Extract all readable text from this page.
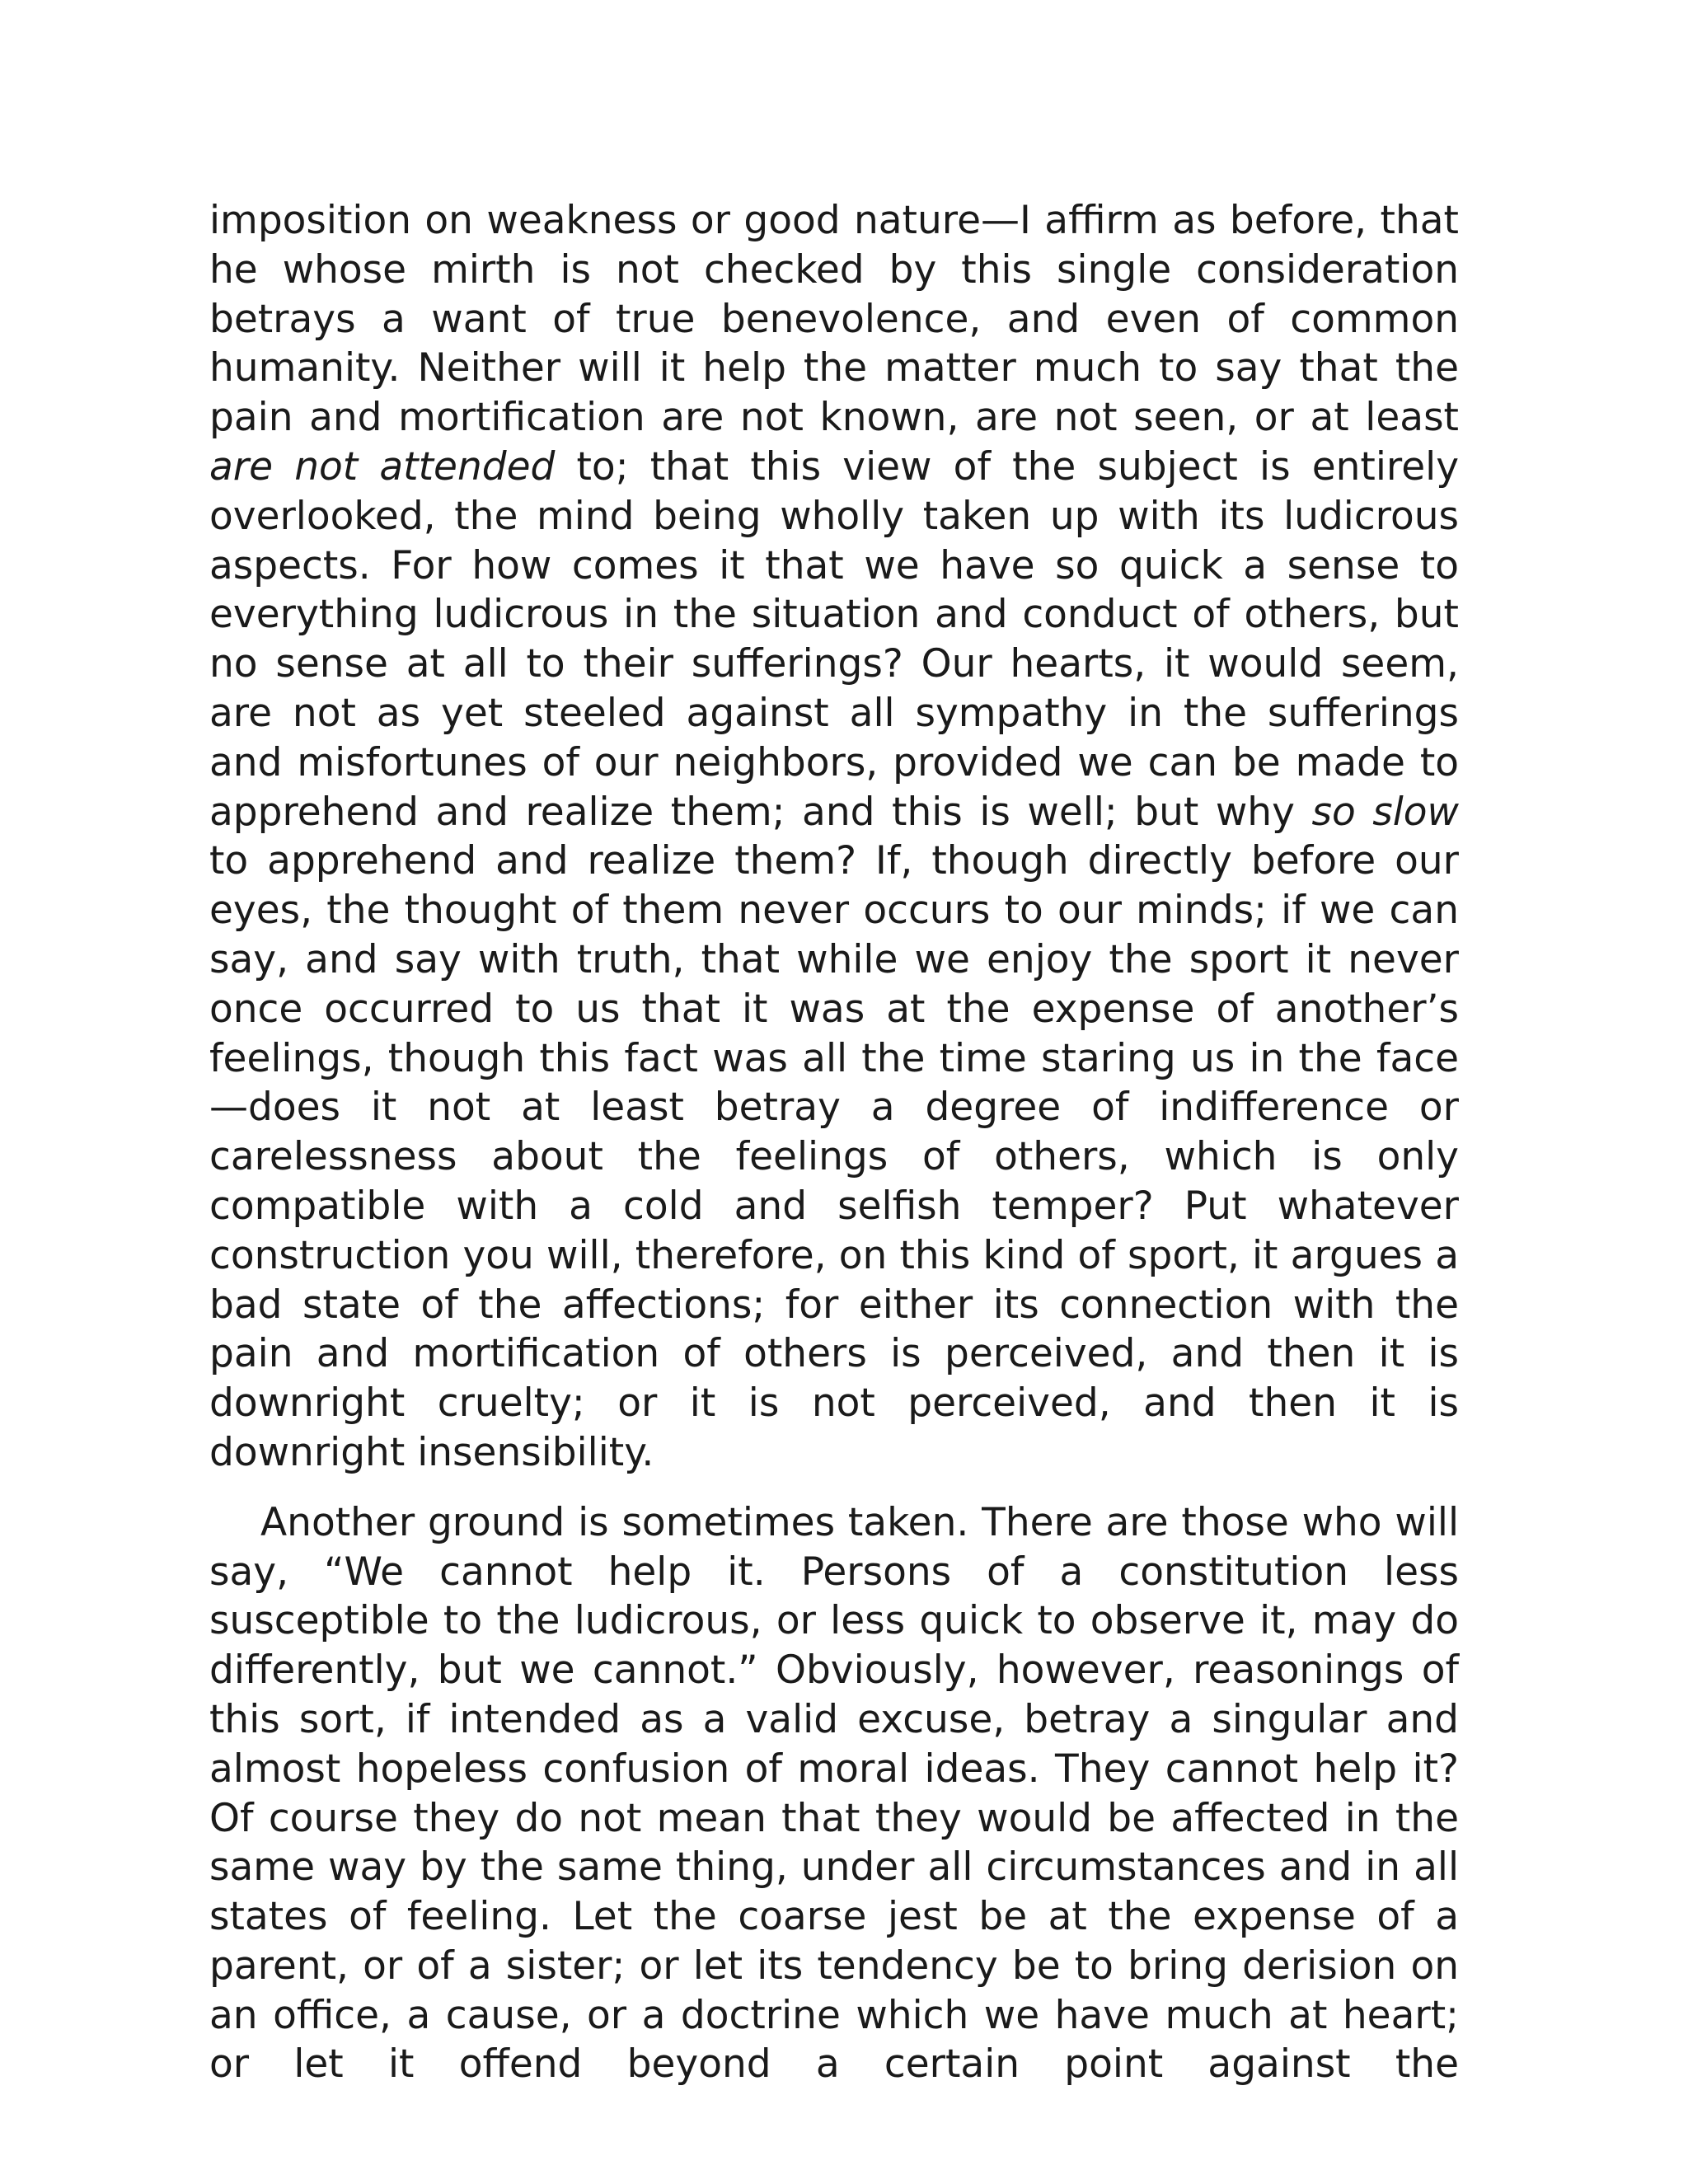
imposition on weakness or good nature—I affirm as before, that he whose mirth is not checked by this single consideration betrays a want of true benevolence, and even of common humanity. Neither will it help the matter much to say that the pain and mortification are not known, are not seen, or at least are not attended to; that this view of the subject is entirely overlooked, the mind being wholly taken up with its ludicrous aspects. For how comes it that we have so quick a sense to everything ludicrous in the situation and conduct of others, but no sense at all to their sufferings? Our hearts, it would seem, are not as yet steeled against all sympathy in the sufferings and misfortunes of our neighbors, provided we can be made to apprehend and realize them; and this is well; but why so slow to apprehend and realize them? If, though directly before our eyes, the thought of them never occurs to our minds; if we can say, and say with truth, that while we enjoy the sport it never once occurred to us that it was at the expense of another’s feelings, though this fact was all the time staring us in the face—does it not at least betray a degree of indifference or carelessness about the feelings of others, which is only compatible with a cold and selfish temper? Put whatever construction you will, therefore, on this kind of sport, it argues a bad state of the affections; for either its connection with the pain and mortification of others is perceived, and then it is downright cruelty; or it is not perceived, and then it is downright insensibility.

Another ground is sometimes taken. There are those who will say, “We cannot help it. Persons of a constitution less susceptible to the ludicrous, or less quick to observe it, may do differently, but we cannot.” Obviously, however, reasonings of this sort, if intended as a valid excuse, betray a singular and almost hopeless confusion of moral ideas. They cannot help it? Of course they do not mean that they would be affected in the same way by the same thing, under all circumstances and in all states of feeling. Let the coarse jest be at the expense of a parent, or of a sister; or let its tendency be to bring derision on an office, a cause, or a doctrine which we have much at heart; or let it offend beyond a certain point against the
